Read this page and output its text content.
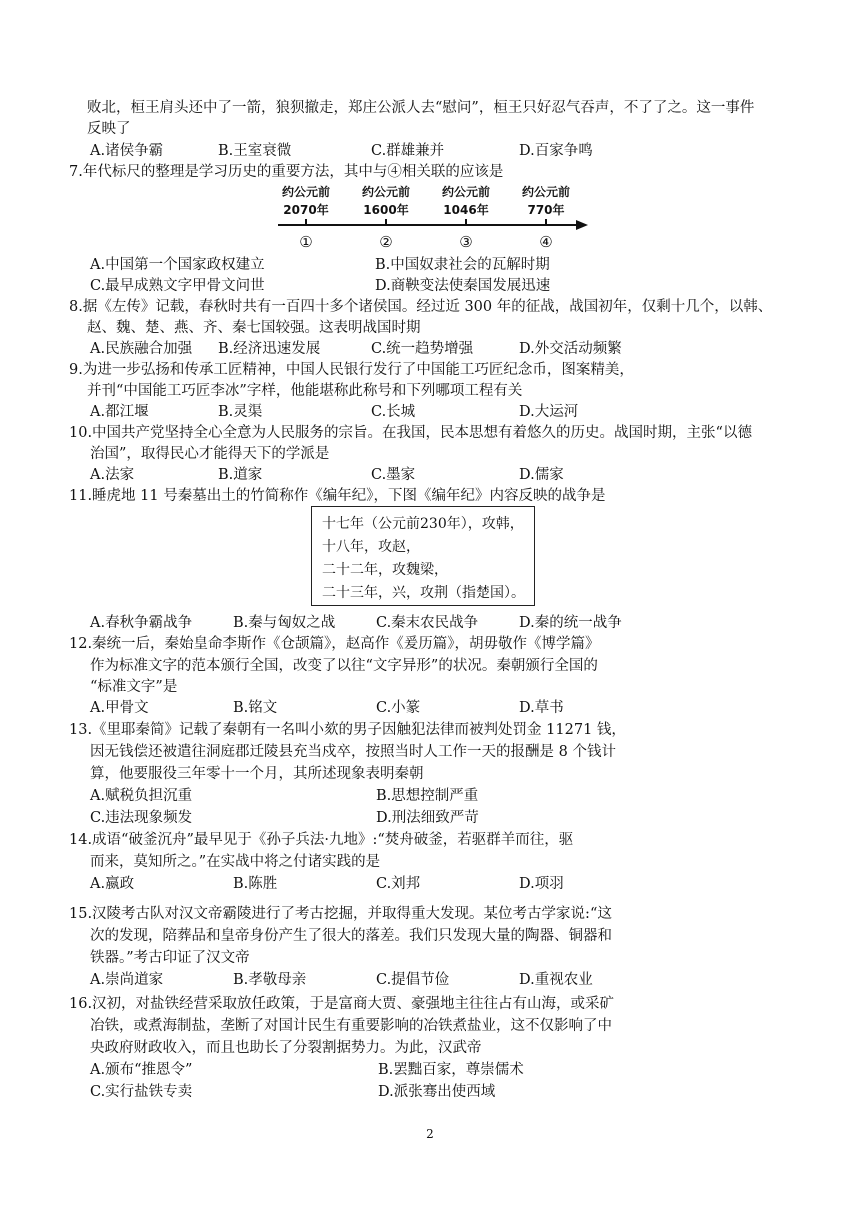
败北，桓王肩头还中了一箭，狼狈撤走，郑庄公派人去“慰问”，桓王只好忍气吞声，不了了之。这一事件
反映了
A.诸侯争霸	B.王室衰微	C.群雄兼并	D.百家争鸣
7.年代标尺的整理是学习历史的重要方法，其中与④相关联的应该是
约公元前	约公元前	约公元前	约公元前
2070年	1600年	1046年	770年
①	②	③	④
A.中国第一个国家政权建立	B.中国奴隶社会的瓦解时期
C.最早成熟文字甲骨文问世	D.商鞅变法使秦国发展迅速
8.据《左传》记载，春秋时共有一百四十多个诸侯国。经过近 300 年的征战，战国初年，仅剩十几个，以韩、
赵、魏、楚、燕、齐、秦七国较强。这表明战国时期
A.民族融合加强 B.经济迅速发展	C.统一趋势增强	D.外交活动频繁
9.为进一步弘扬和传承工匠精神，中国人民银行发行了中国能工巧匠纪念币，图案精美，
并刊“中国能工巧匠李冰”字样，他能堪称此称号和下列哪项工程有关
A.都江堰	B.灵渠	C.长城	D.大运河
10.中国共产党坚持全心全意为人民服务的宗旨。在我国，民本思想有着悠久的历史。战国时期，主张“以德
治国”，取得民心才能得天下的学派是
A.法家	B.道家	C.墨家	D.儒家
11.睡虎地 11 号秦墓出土的竹简称作《编年纪》，下图《编年纪》内容反映的战争是
十七年（公元前230年），攻韩，
十八年，攻赵，
二十二年，攻魏梁，
二十三年，兴，攻荆（指楚国）。
A.春秋争霸战争	B.秦与匈奴之战	C.秦末农民战争	D.秦的统一战争
12.秦统一后，秦始皇命李斯作《仓颉篇》，赵高作《爰历篇》，胡毋敬作《博学篇》
作为标准文字的范本颁行全国，改变了以往“文字异形”的状况。秦朝颁行全国的
“标准文字”是
A.甲骨文	B.铭文	C.小篆	D.草书
13.《里耶秦简》记载了秦朝有一名叫小欬的男子因触犯法律而被判处罚金 11271 钱，
因无钱偿还被遣往洞庭郡迁陵县充当戍卒，按照当时人工作一天的报酬是 8 个钱计
算，他要服役三年零十一个月，其所述现象表明秦朝
A.赋税负担沉重	B.思想控制严重
C.违法现象频发	D.刑法细致严苛
14.成语“破釜沉舟”最早见于《孙子兵法·九地》:“焚舟破釜，若驱群羊而往，驱
而来，莫知所之。”在实战中将之付诸实践的是
A.嬴政	B.陈胜	C.刘邦	D.项羽
15.汉陵考古队对汉文帝霸陵进行了考古挖掘，并取得重大发现。某位考古学家说:“这
次的发现，陪葬品和皇帝身份产生了很大的落差。我们只发现大量的陶器、铜器和
铁器。”考古印证了汉文帝
A.崇尚道家	B.孝敬母亲	C.提倡节俭	D.重视农业
16.汉初，对盐铁经营采取放任政策，于是富商大贾、豪强地主往往占有山海，或采矿
冶铁，或煮海制盐，垄断了对国计民生有重要影响的冶铁煮盐业，这不仅影响了中
央政府财政收入，而且也助长了分裂割据势力。为此，汉武帝
A.颁布“推恩令”	B.罢黜百家，尊崇儒术
C.实行盐铁专卖	D.派张骞出使西域
2
